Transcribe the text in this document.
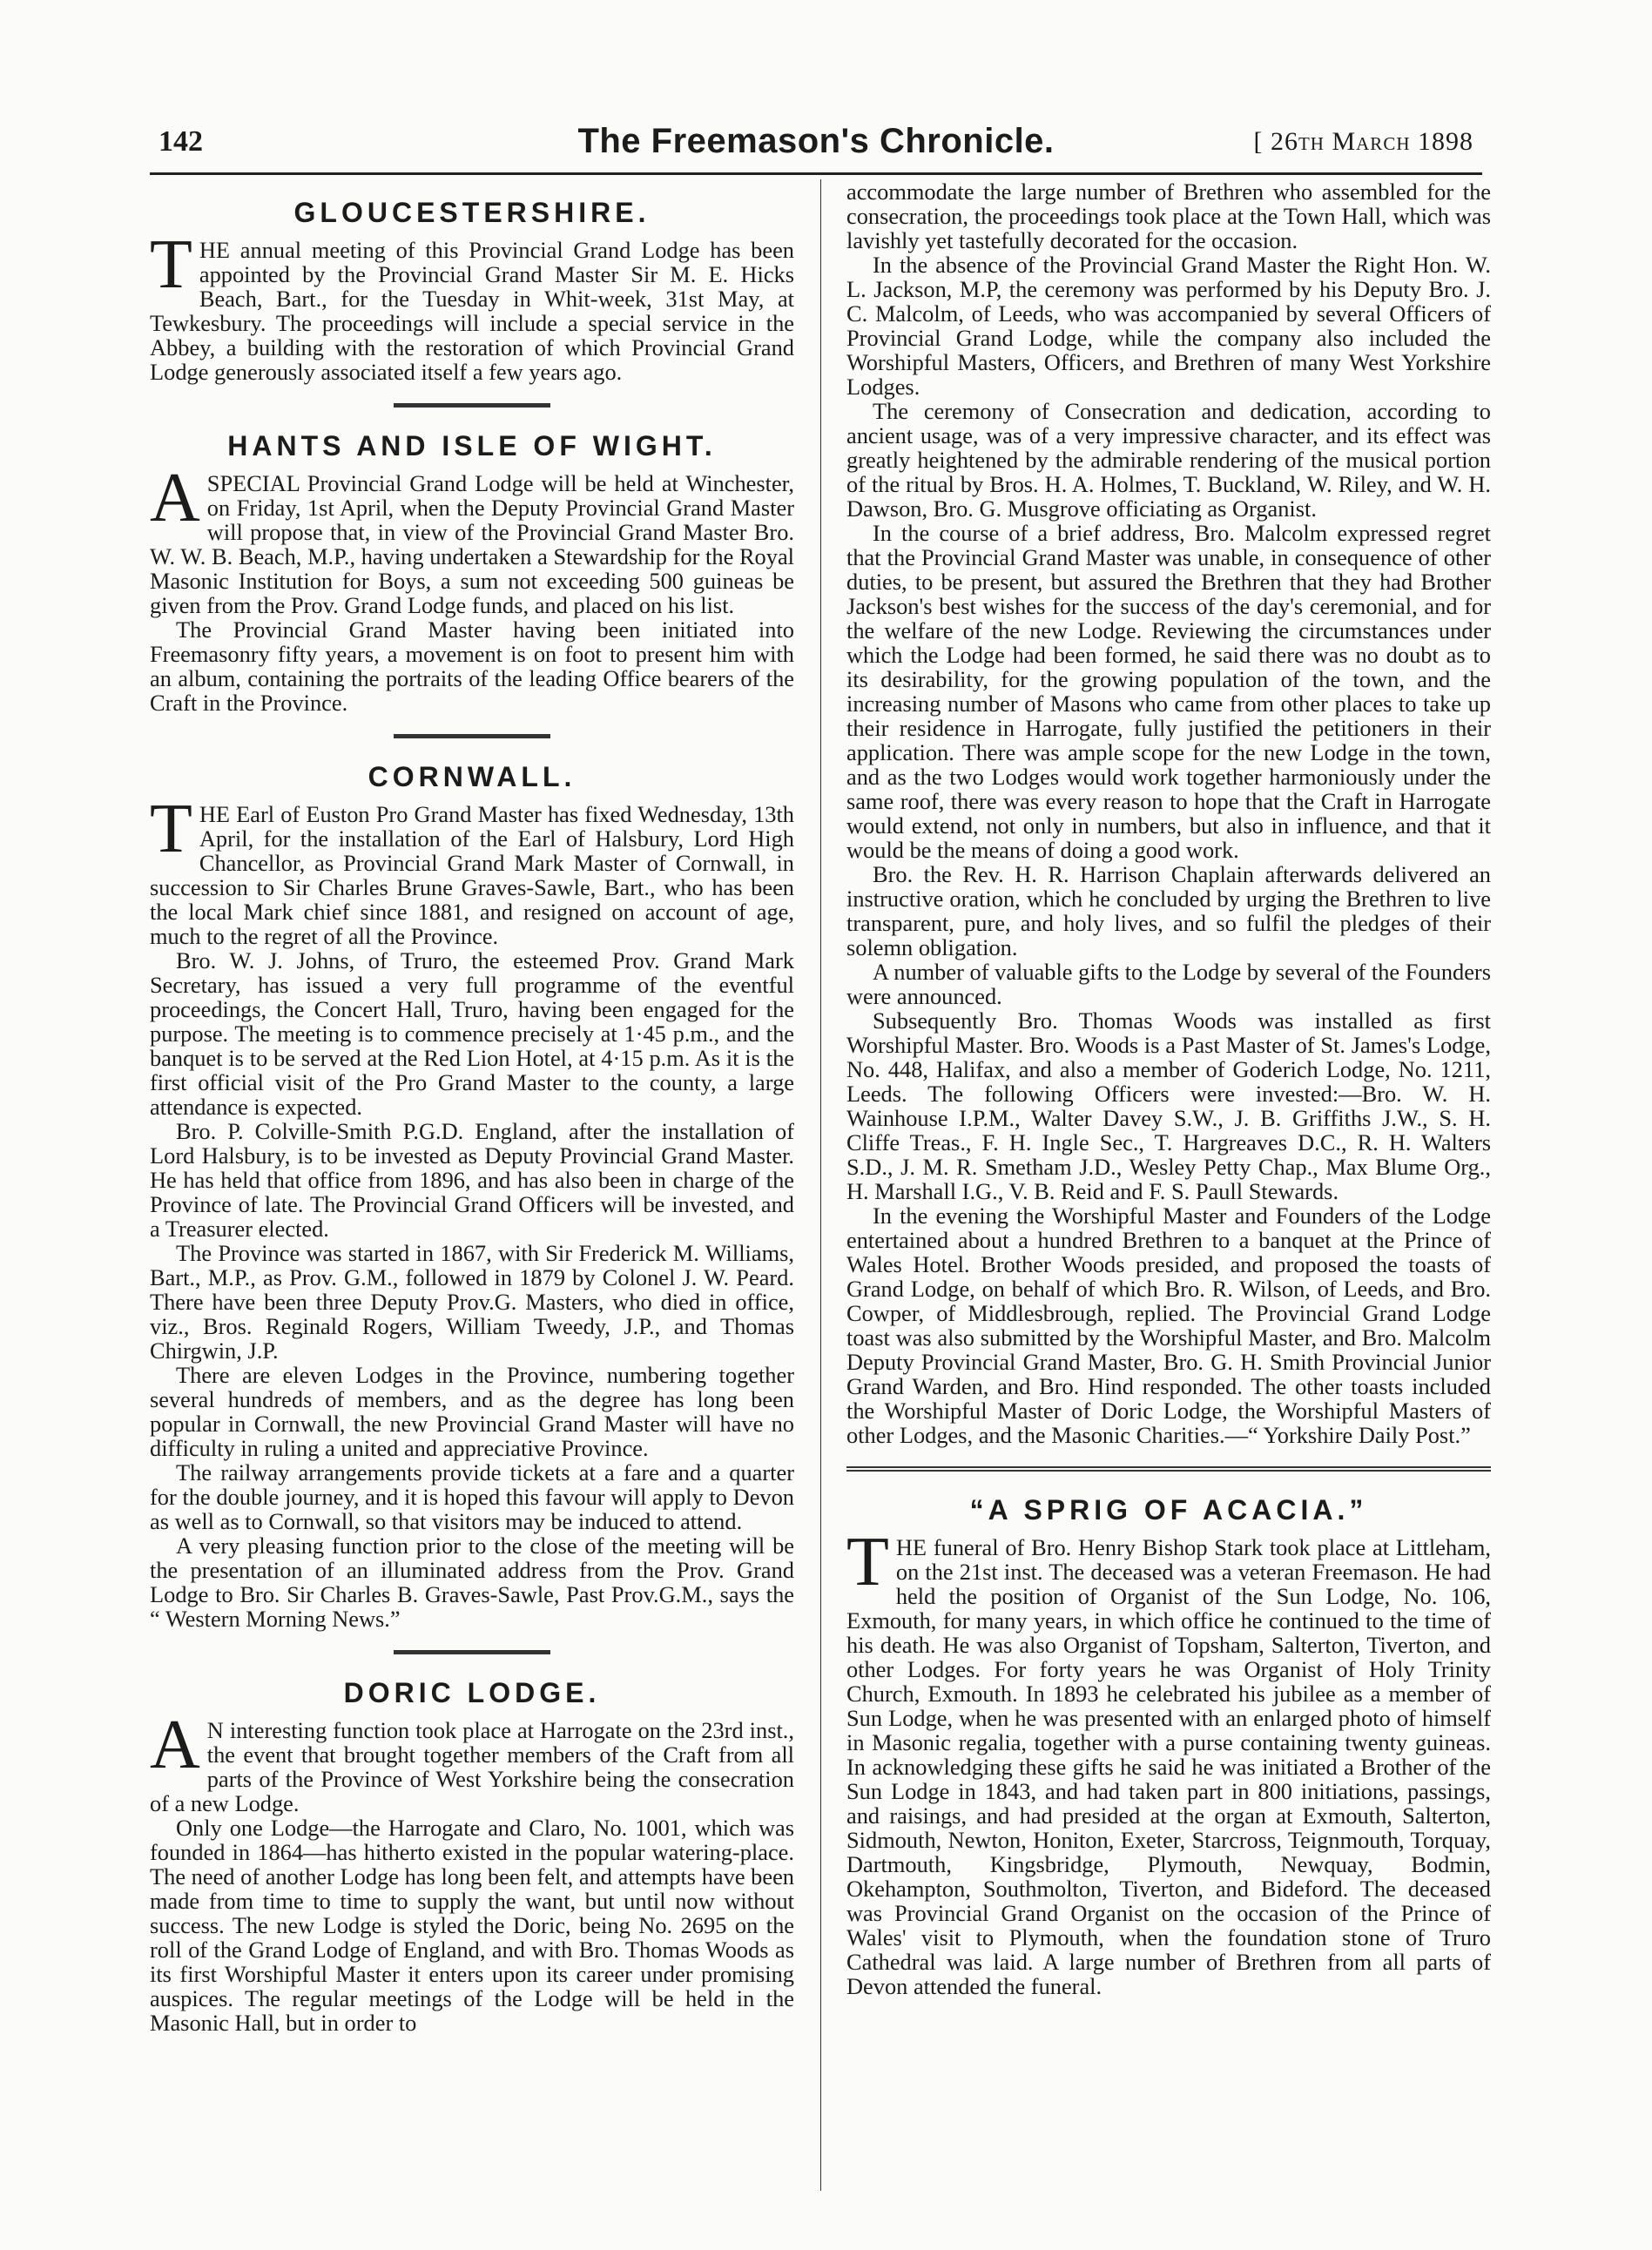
142	The Freemason's Chronicle.	[ 26th March 1898
GLOUCESTERSHIRE.

THE annual meeting of this Provincial Grand Lodge has been appointed by the Provincial Grand Master Sir M. E. Hicks Beach, Bart., for the Tuesday in Whit-week, 31st May, at Tewkesbury. The proceedings will include a special service in the Abbey, a building with the restoration of which Provincial Grand Lodge generously associated itself a few years ago.

HANTS AND ISLE OF WIGHT.

ASPECIAL Provincial Grand Lodge will be held at Winchester, on Friday, 1st April, when the Deputy Provincial Grand Master will propose that, in view of the Provincial Grand Master Bro. W. W. B. Beach, M.P., having undertaken a Stewardship for the Royal Masonic Institution for Boys, a sum not exceeding 500 guineas be given from the Prov. Grand Lodge funds, and placed on his list.

The Provincial Grand Master having been initiated into Freemasonry fifty years, a movement is on foot to present him with an album, containing the portraits of the leading Office bearers of the Craft in the Province.

CORNWALL.

THE Earl of Euston Pro Grand Master has fixed Wednesday, 13th April, for the installation of the Earl of Halsbury, Lord High Chancellor, as Provincial Grand Mark Master of Cornwall, in succession to Sir Charles Brune Graves-Sawle, Bart., who has been the local Mark chief since 1881, and resigned on account of age, much to the regret of all the Province.

Bro. W. J. Johns, of Truro, the esteemed Prov. Grand Mark Secretary, has issued a very full programme of the eventful proceedings, the Concert Hall, Truro, having been engaged for the purpose. The meeting is to commence precisely at 1·45 p.m., and the banquet is to be served at the Red Lion Hotel, at 4·15 p.m. As it is the first official visit of the Pro Grand Master to the county, a large attendance is expected.

Bro. P. Colville-Smith P.G.D. England, after the installation of Lord Halsbury, is to be invested as Deputy Provincial Grand Master. He has held that office from 1896, and has also been in charge of the Province of late. The Provincial Grand Officers will be invested, and a Treasurer elected.

The Province was started in 1867, with Sir Frederick M. Williams, Bart., M.P., as Prov. G.M., followed in 1879 by Colonel J. W. Peard. There have been three Deputy Prov.G. Masters, who died in office, viz., Bros. Reginald Rogers, William Tweedy, J.P., and Thomas Chirgwin, J.P.

There are eleven Lodges in the Province, numbering together several hundreds of members, and as the degree has long been popular in Cornwall, the new Provincial Grand Master will have no difficulty in ruling a united and appreciative Province.

The railway arrangements provide tickets at a fare and a quarter for the double journey, and it is hoped this favour will apply to Devon as well as to Cornwall, so that visitors may be induced to attend.

A very pleasing function prior to the close of the meeting will be the presentation of an illuminated address from the Prov. Grand Lodge to Bro. Sir Charles B. Graves-Sawle, Past Prov.G.M., says the “ Western Morning News.”

DORIC LODGE.

A N interesting function took place at Harrogate on the 23rd inst., the event that brought together members of the Craft from all parts of the Province of West Yorkshire being the consecration of a new Lodge.

Only one Lodge—the Harrogate and Claro, No. 1001, which was founded in 1864—has hitherto existed in the popular watering-place. The need of another Lodge has long been felt, and attempts have been made from time to time to supply the want, but until now without success. The new Lodge is styled the Doric, being No. 2695 on the roll of the Grand Lodge of England, and with Bro. Thomas Woods as its first Worshipful Master it enters upon its career under promising auspices. The regular meetings of the Lodge will be held in the Masonic Hall, but in order to

accommodate the large number of Brethren who assembled for the consecration, the proceedings took place at the Town Hall, which was lavishly yet tastefully decorated for the occasion.

In the absence of the Provincial Grand Master the Right Hon. W. L. Jackson, M.P, the ceremony was performed by his Deputy Bro. J. C. Malcolm, of Leeds, who was accompanied by several Officers of Provincial Grand Lodge, while the company also included the Worshipful Masters, Officers, and Brethren of many West Yorkshire Lodges.

The ceremony of Consecration and dedication, according to ancient usage, was of a very impressive character, and its effect was greatly heightened by the admirable rendering of the musical portion of the ritual by Bros. H. A. Holmes, T. Buckland, W. Riley, and W. H. Dawson, Bro. G. Musgrove officiating as Organist.

In the course of a brief address, Bro. Malcolm expressed regret that the Provincial Grand Master was unable, in consequence of other duties, to be present, but assured the Brethren that they had Brother Jackson's best wishes for the success of the day's ceremonial, and for the welfare of the new Lodge. Reviewing the circumstances under which the Lodge had been formed, he said there was no doubt as to its desirability, for the growing population of the town, and the increasing number of Masons who came from other places to take up their residence in Harrogate, fully justified the petitioners in their application. There was ample scope for the new Lodge in the town, and as the two Lodges would work together harmoniously under the same roof, there was every reason to hope that the Craft in Harrogate would extend, not only in numbers, but also in influence, and that it would be the means of doing a good work.

Bro. the Rev. H. R. Harrison Chaplain afterwards delivered an instructive oration, which he concluded by urging the Brethren to live transparent, pure, and holy lives, and so fulfil the pledges of their solemn obligation.

A number of valuable gifts to the Lodge by several of the Founders were announced.

Subsequently Bro. Thomas Woods was installed as first Worshipful Master. Bro. Woods is a Past Master of St. James's Lodge, No. 448, Halifax, and also a member of Goderich Lodge, No. 1211, Leeds. The following Officers were invested:—Bro. W. H. Wainhouse I.P.M., Walter Davey S.W., J. B. Griffiths J.W., S. H. Cliffe Treas., F. H. Ingle Sec., T. Hargreaves D.C., R. H. Walters S.D., J. M. R. Smetham J.D., Wesley Petty Chap., Max Blume Org., H. Marshall I.G., V. B. Reid and F. S. Paull Stewards.

In the evening the Worshipful Master and Founders of the Lodge entertained about a hundred Brethren to a banquet at the Prince of Wales Hotel. Brother Woods presided, and proposed the toasts of Grand Lodge, on behalf of which Bro. R. Wilson, of Leeds, and Bro. Cowper, of Middlesbrough, replied. The Provincial Grand Lodge toast was also submitted by the Worshipful Master, and Bro. Malcolm Deputy Provincial Grand Master, Bro. G. H. Smith Provincial Junior Grand Warden, and Bro. Hind responded. The other toasts included the Worshipful Master of Doric Lodge, the Worshipful Masters of other Lodges, and the Masonic Charities.—“ Yorkshire Daily Post.”

“A SPRIG OF ACACIA.”

THE funeral of Bro. Henry Bishop Stark took place at Littleham, on the 21st inst. The deceased was a veteran Freemason. He had held the position of Organist of the Sun Lodge, No. 106, Exmouth, for many years, in which office he continued to the time of his death. He was also Organist of Topsham, Salterton, Tiverton, and other Lodges. For forty years he was Organist of Holy Trinity Church, Exmouth. In 1893 he celebrated his jubilee as a member of Sun Lodge, when he was presented with an enlarged photo of himself in Masonic regalia, together with a purse containing twenty guineas. In acknowledging these gifts he said he was initiated a Brother of the Sun Lodge in 1843, and had taken part in 800 initiations, passings, and raisings, and had presided at the organ at Exmouth, Salterton, Sidmouth, Newton, Honiton, Exeter, Starcross, Teignmouth, Torquay, Dartmouth, Kingsbridge, Plymouth, Newquay, Bodmin, Okehampton, Southmolton, Tiverton, and Bideford. The deceased was Provincial Grand Organist on the occasion of the Prince of Wales' visit to Plymouth, when the foundation stone of Truro Cathedral was laid. A large number of Brethren from all parts of Devon attended the funeral.
